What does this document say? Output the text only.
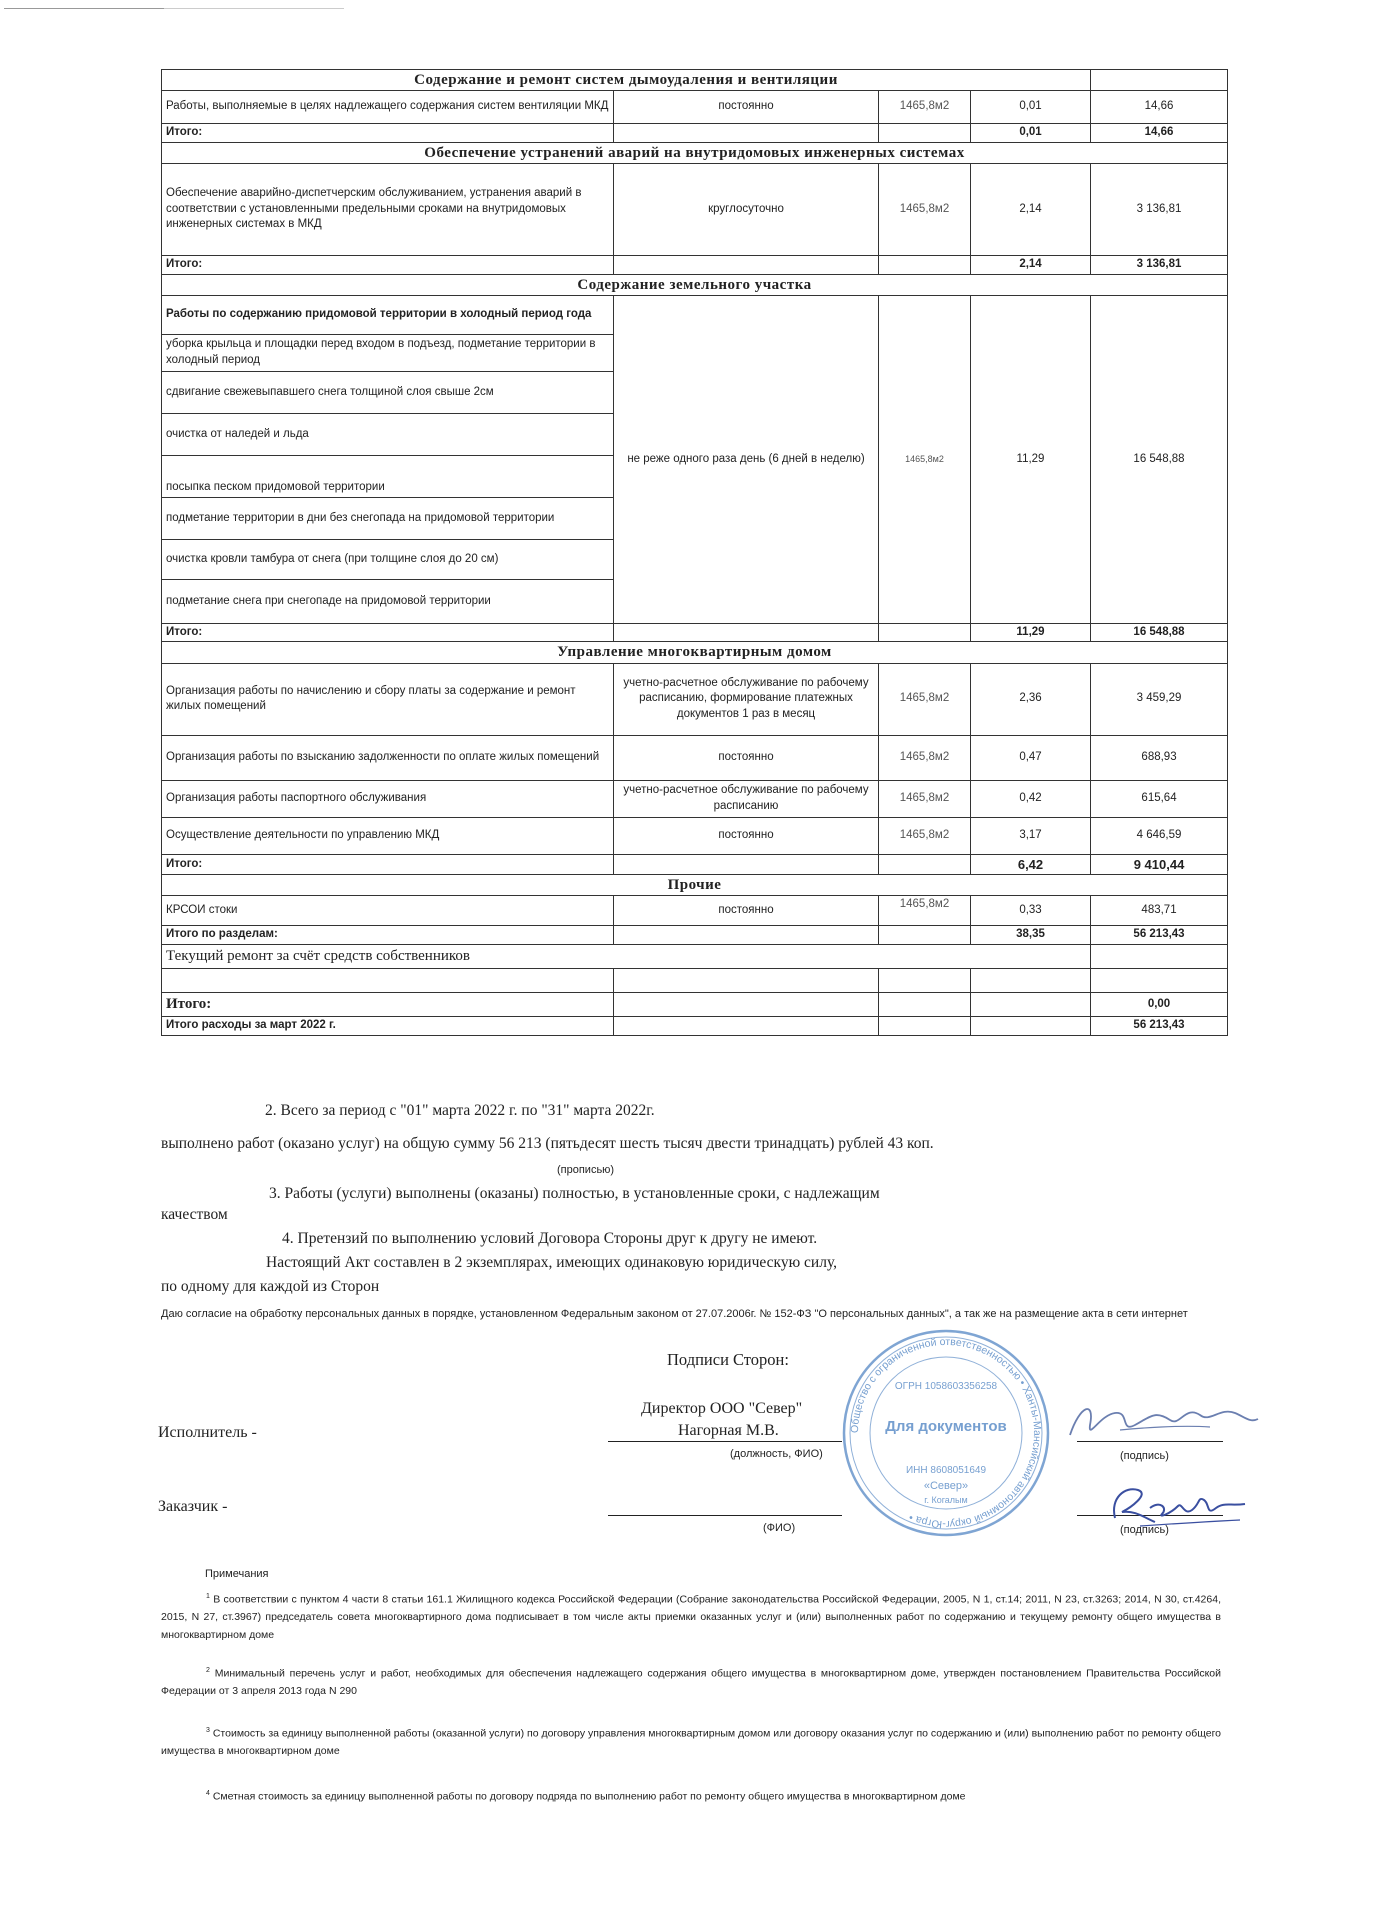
Содержание и ремонт систем дымоудаления и вентиляции				
Работы, выполняемые в целях надлежащего содержания систем вентиляции МКД	постоянно	1465,8м2	0,01	14,66
Итого:			0,01	14,66
Обеспечение устранений аварий на внутридомовых инженерных системах				
Обеспечение аварийно-диспетчерским обслуживанием, устранения аварий в соответствии с установленными предельными сроками на внутридомовых инженерных системах в МКД	круглосуточно	1465,8м2	2,14	3 136,81
Итого:			2,14	3 136,81
Содержание земельного участка				
Работы по содержанию придомовой территории в холодный период года	не реже одного раза день (6 дней в неделю)	1465,8м2	11,29	16 548,88
уборка крыльца и площадки перед входом в подъезд, подметание территории в холодный период				
сдвигание свежевыпавшего снега толщиной слоя свыше 2см				
очистка от наледей и льда				
посыпка песком придомовой территории				
подметание территории в дни без снегопада на придомовой территории				
очистка кровли тамбура от снега (при толщине слоя до 20 см)				
подметание снега при снегопаде на придомовой территории				
Итого:			11,29	16 548,88
Управление многоквартирным домом				
Организация работы по начислению и сбору платы за содержание и ремонт жилых помещений	учетно-расчетное обслуживание по рабочему расписанию, формирование платежных документов 1 раз в месяц	1465,8м2	2,36	3 459,29
Организация работы по взысканию задолженности по оплате жилых помещений	постоянно	1465,8м2	0,47	688,93
Организация работы паспортного обслуживания	учетно-расчетное обслуживание по рабочему расписанию	1465,8м2	0,42	615,64
Осуществление деятельности по управлению МКД	постоянно	1465,8м2	3,17	4 646,59
Итого:			6,42	9 410,44
Прочие				
КРСОИ стоки	постоянно	1465,8м2	0,33	483,71
Итого по разделам:			38,35	56 213,43
Текущий ремонт за счёт средств собственников				

Итого:				0,00
Итого расходы за март 2022 г.				56 213,43
2. Всего за период с "01" марта 2022 г. по "31" марта 2022г.
выполнено работ (оказано услуг) на общую сумму 56 213 (пятьдесят шесть тысяч двести тринадцать) рублей 43 коп.
(прописью)
3. Работы (услуги) выполнены (оказаны) полностью, в установленные сроки, с надлежащим
качеством
4. Претензий по выполнению условий Договора Стороны друг к другу не имеют.
Настоящий Акт составлен в 2 экземплярах, имеющих одинаковую юридическую силу,
по одному для каждой из Сторон
Даю согласие на обработку персональных данных в порядке, установленном Федеральным законом от 27.07.2006г. № 152-ФЗ "О персональных данных", а так же на размещение акта в сети интернет
Подписи Сторон:
Директор ООО "Север"
Нагорная М.В.
Исполнитель -
(должность, ФИО)	(подпись)
Заказчик -
(ФИО)	(подпись)
Общество с ограниченной ответственностью • Ханты-Мансийский автономный округ-Югра •
ОГРН 1058603356258
Для документов
ИНН 8608051649
«Север»
г. Когалым
Примечания
$^1$ В соответствии с пунктом 4 части 8 статьи 161.1 Жилищного кодекса Российской Федерации (Собрание законодательства Российской Федерации, 2005, N 1, ст.14; 2011, N 23, ст.3263; 2014, N 30, ст.4264, 2015, N 27, ст.3967) председатель совета многоквартирного дома подписывает в том числе акты приемки оказанных услуг и (или) выполненных работ по содержанию и текущему ремонту общего имущества в многоквартирном доме
$^2$ Минимальный перечень услуг и работ, необходимых для обеспечения надлежащего содержания общего имущества в многоквартирном доме, утвержден постановлением Правительства Российской Федерации от 3 апреля 2013 года N 290
$^3$ Стоимость за единицу выполненной работы (оказанной услуги) по договору управления многоквартирным домом или договору оказания услуг по содержанию и (или) выполнению работ по ремонту общего имущества в многоквартирном доме
$^4$ Сметная стоимость за единицу выполненной работы по договору подряда по выполнению работ по ремонту общего имущества в многоквартирном доме
